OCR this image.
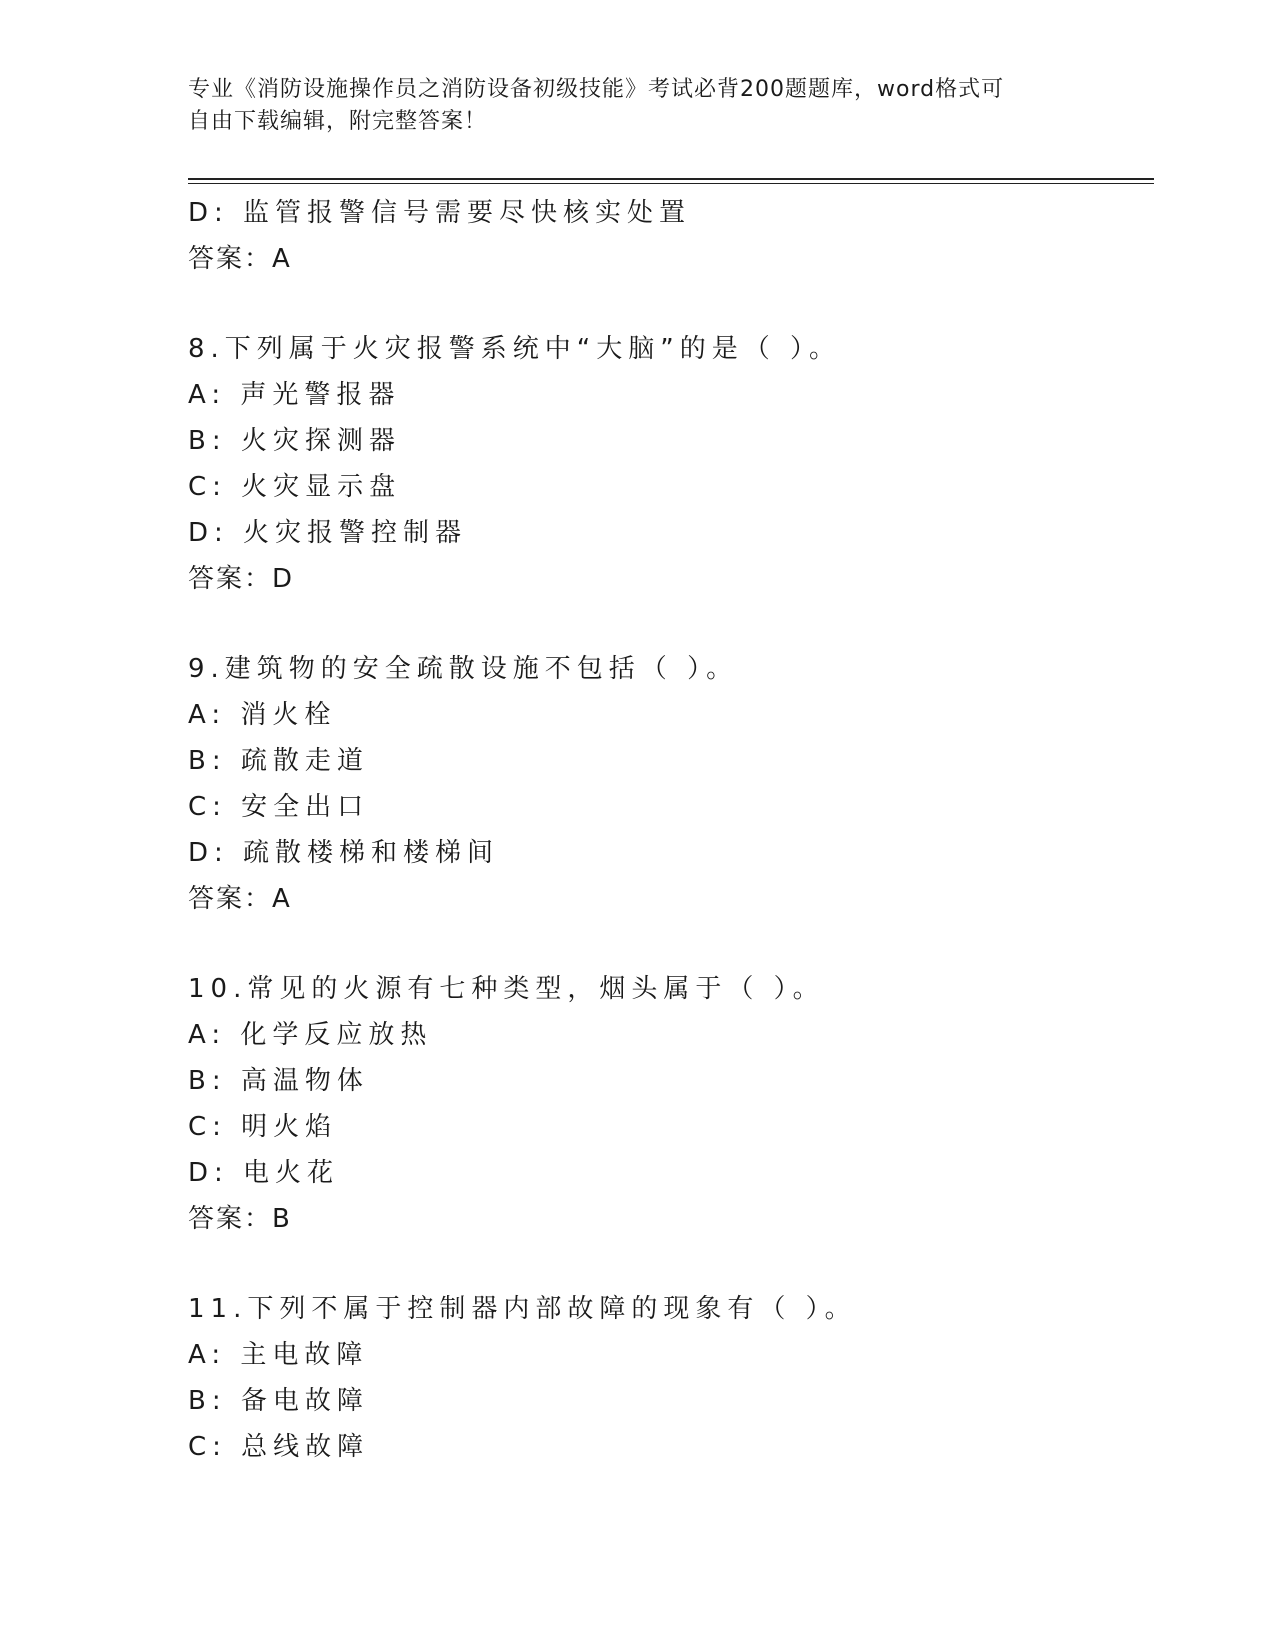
专业《消防设施操作员之消防设备初级技能》考试必背200题题库，word格式可
自由下载编辑，附完整答案！
D: 监管报警信号需要尽快核实处置
答案：A
8.下列属于火灾报警系统中“大脑”的是（ ）。
A: 声光警报器
B: 火灾探测器
C: 火灾显示盘
D: 火灾报警控制器
答案：D
9.建筑物的安全疏散设施不包括（ ）。
A: 消火栓
B: 疏散走道
C: 安全出口
D: 疏散楼梯和楼梯间
答案：A
10.常见的火源有七种类型，烟头属于（ ）。
A: 化学反应放热
B: 高温物体
C: 明火焰
D: 电火花
答案：B
11.下列不属于控制器内部故障的现象有（ ）。
A: 主电故障
B: 备电故障
C: 总线故障
